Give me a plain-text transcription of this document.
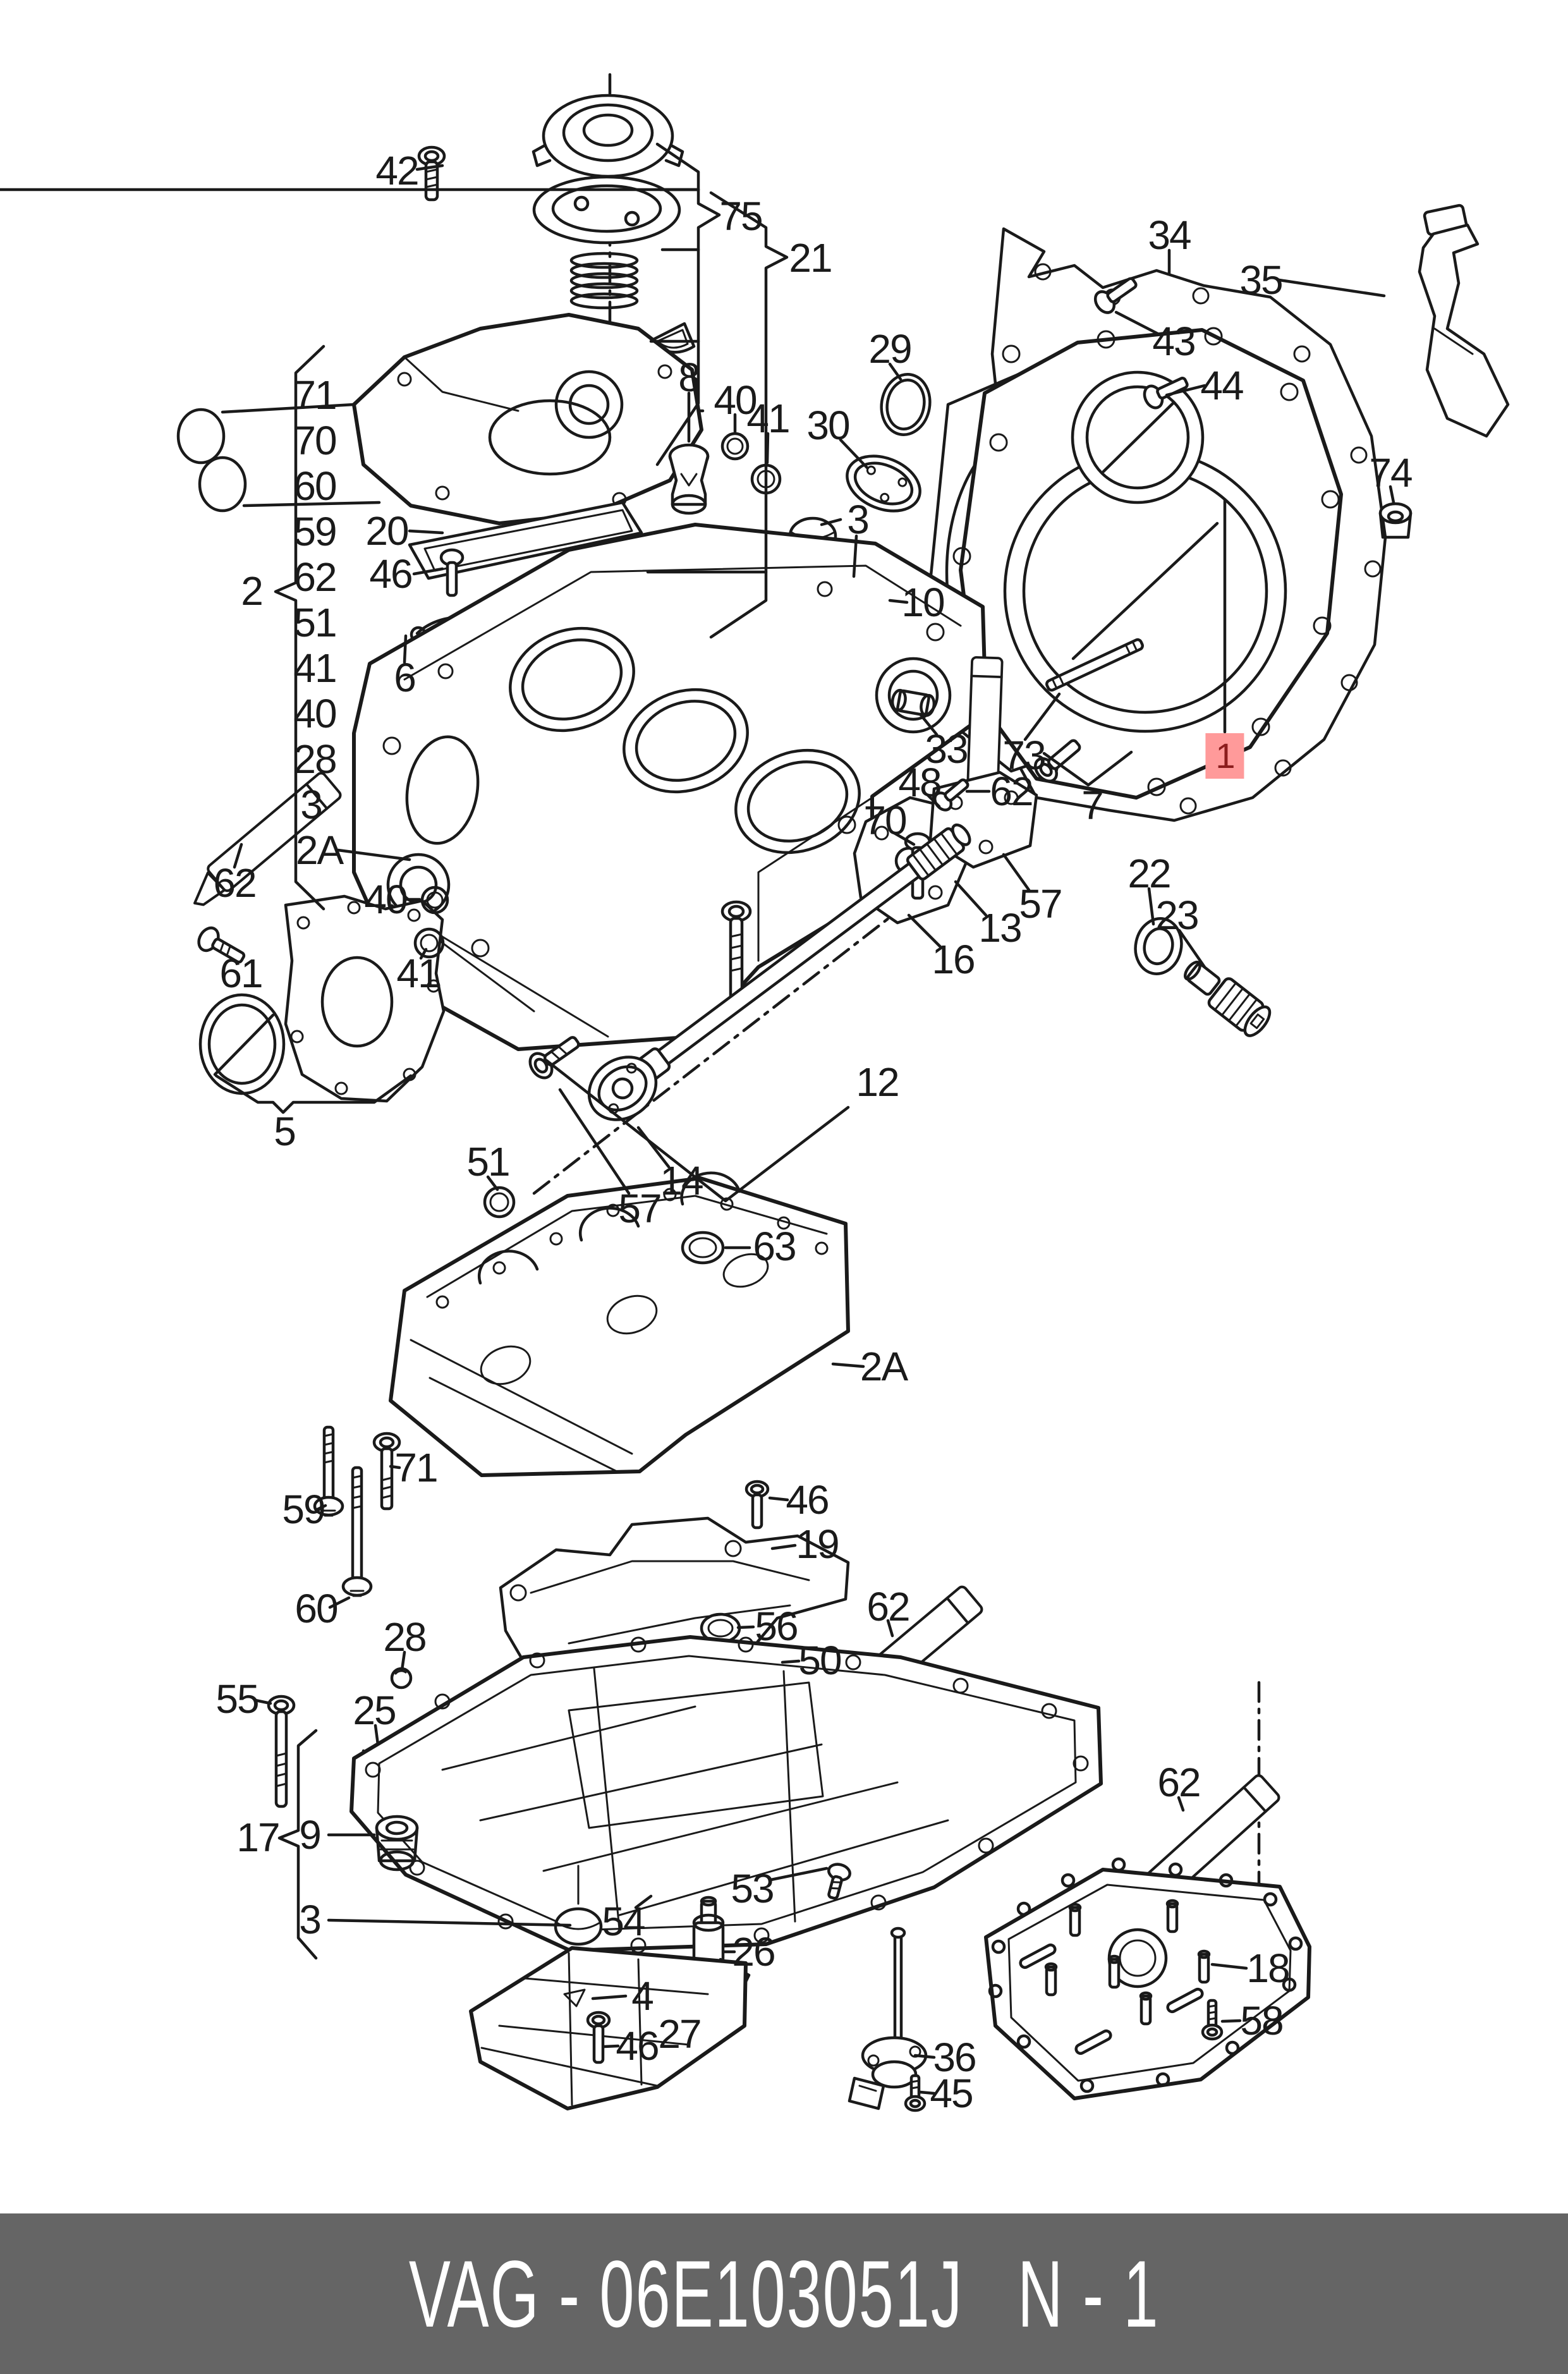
42
75
21
8 40
41
29
30
3
10
34
35
43
44
74
2
71
70
60
59
62
51
41
40
28
3
2A
20
46
6
62	40
41
61
5
33 73
62
48
70
1
7
57
13
16
22
23
12
14
57
51
63
2A
59
60
71
28
25
46
19
56
50
62
62
55
17 9
3	54
53
26
4
46 27
36
45
18
58
VAG - 06E103051J N - 1
